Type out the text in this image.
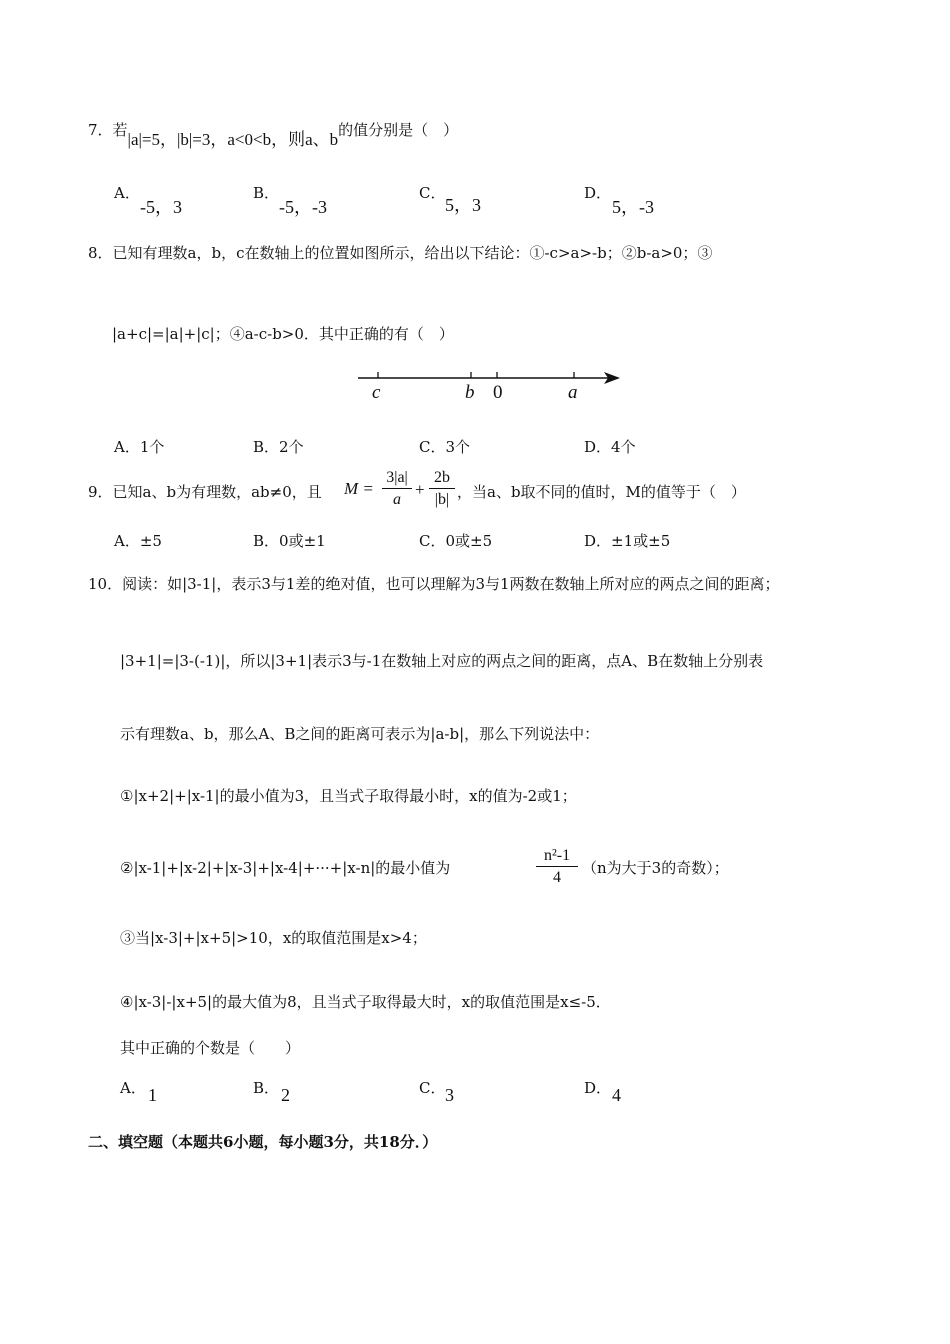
7．若|a|=5，|b|=3，a<0<b，则a、b的值分别是（　）
A．
-5，3
B．
-5，-3
C．
5，3
D．
5，-3
8．已知有理数a，b，c在数轴上的位置如图所示，给出以下结论：①-c>a>-b；②b-a>0；③
|a+c|=|a|+|c|；④a-c-b>0．其中正确的有（　）
c	b 0	a
A．1个	B．2个	C．3个	D．4个
9．已知a、b为有理数，ab≠0，且 $M = \frac{3|a|}{a} + \frac{2b}{|b|}$ ，当a、b取不同的值时，M的值等于（　）
A．±5	B．0或±1	C．0或±5	D．±1或±5
10．阅读：如|3-1|，表示3与1差的绝对值，也可以理解为3与1两数在数轴上所对应的两点之间的距离；
|3+1|=|3-(-1)|，所以|3+1|表示3与-1在数轴上对应的两点之间的距离，点A、B在数轴上分别表
示有理数a、b，那么A、B之间的距离可表示为|a-b|，那么下列说法中：
①|x+2|+|x-1|的最小值为3，且当式子取得最小时，x的值为-2或1；
②|x-1|+|x-2|+|x-3|+|x-4|+···+|x-n|的最小值为	$\frac{\text{n²-1}}{4} (n$为大于3的奇数）；
③当|x-3|+|x+5|>10，x的取值范围是x>4；
④|x-3|-|x+5|的最大值为8，且当式子取得最大时，x的取值范围是x≤-5．
其中正确的个数是（　　）
A． 1	B． 2	C． 3	D． 4
二、填空题（本题共6小题，每小题3分，共18分．）
